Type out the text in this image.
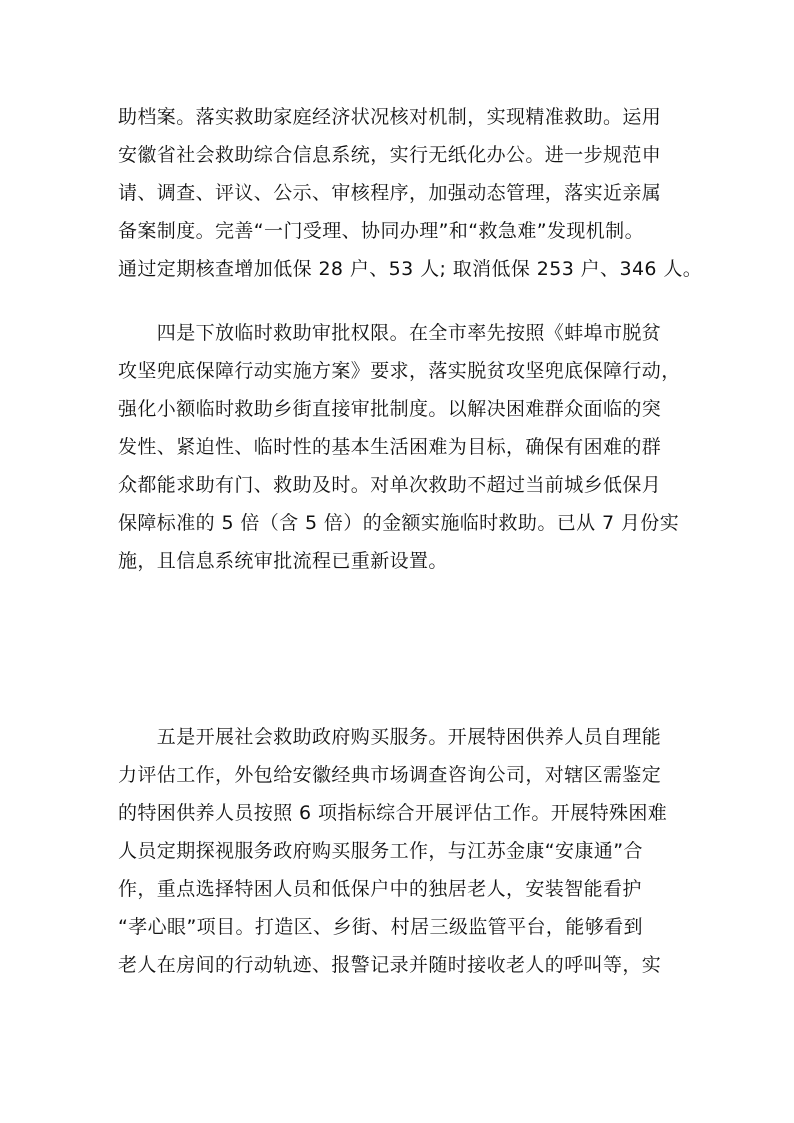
助档案。落实救助家庭经济状况核对机制，实现精准救助。运用
安徽省社会救助综合信息系统，实行无纸化办公。进一步规范申
请、调查、评议、公示、审核程序，加强动态管理，落实近亲属
备案制度。完善“一门受理、协同办理”和“救急难”发现机制。
通过定期核查增加低保 28 户、53 人; 取消低保 253 户、346 人。
　　四是下放临时救助审批权限。在全市率先按照《蚌埠市脱贫
攻坚兜底保障行动实施方案》要求，落实脱贫攻坚兜底保障行动，
强化小额临时救助乡街直接审批制度。以解决困难群众面临的突
发性、紧迫性、临时性的基本生活困难为目标，确保有困难的群
众都能求助有门、救助及时。对单次救助不超过当前城乡低保月
保障标准的 5 倍（含 5 倍）的金额实施临时救助。已从 7 月份实
施，且信息系统审批流程已重新设置。
　　五是开展社会救助政府购买服务。开展特困供养人员自理能
力评估工作，外包给安徽经典市场调查咨询公司，对辖区需鉴定
的特困供养人员按照 6 项指标综合开展评估工作。开展特殊困难
人员定期探视服务政府购买服务工作，与江苏金康“安康通”合
作，重点选择特困人员和低保户中的独居老人，安装智能看护
“孝心眼”项目。打造区、乡街、村居三级监管平台，能够看到
老人在房间的行动轨迹、报警记录并随时接收老人的呼叫等，实
